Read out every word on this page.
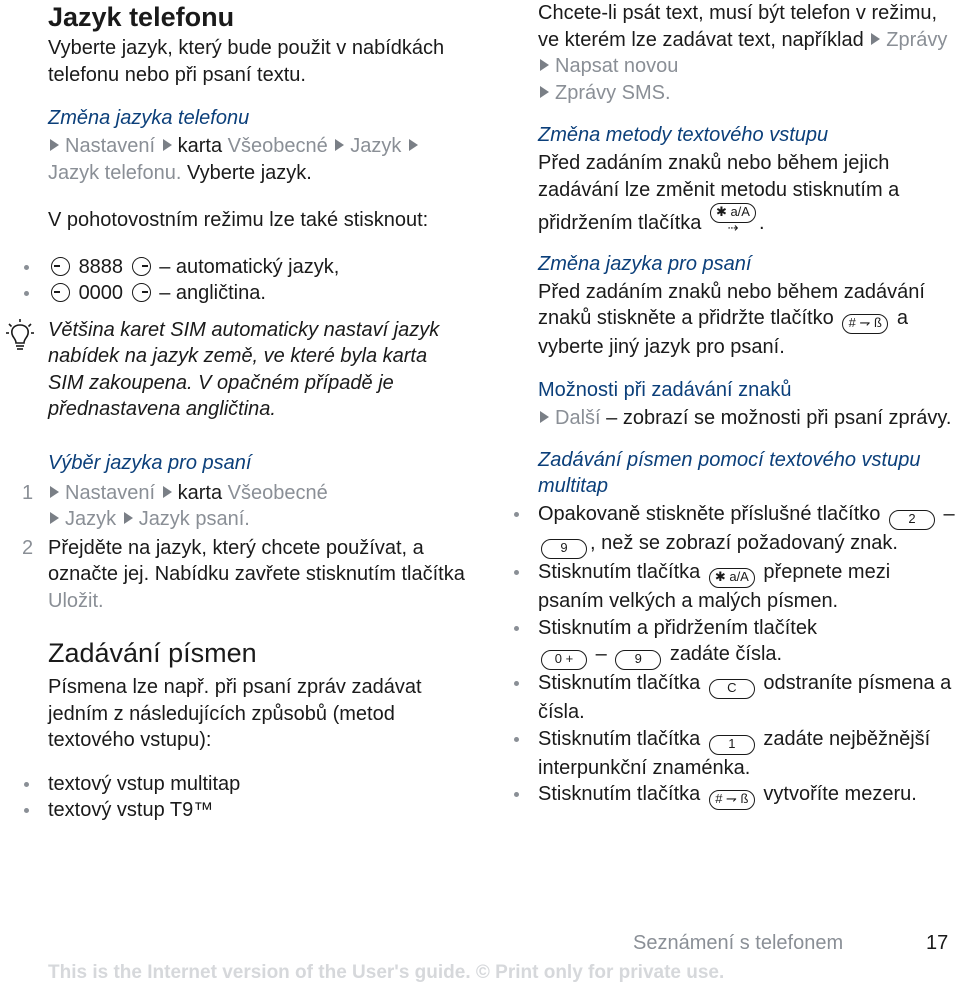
Jazyk telefonu

Vyberte jazyk, který bude použit v nabídkách telefonu nebo při psaní textu.

Změna jazyka telefonu

Nastavení karta Všeobecné Jazyk Jazyk telefonu. Vyberte jazyk.

V pohotovostním režimu lze také stisknout:

8888 – automatický jazyk,

0000 – angličtina.

Většina karet SIM automaticky nastaví jazyk nabídek na jazyk země, ve které byla karta SIM zakoupena. V opačném případě je přednastavena angličtina.

Výběr jazyka pro psaní

1 Nastavení karta Všeobecné
Jazyk Jazyk psaní.

2 Přejděte na jazyk, který chcete používat, a označte jej. Nabídku zavřete stisknutím tlačítka Uložit.

Zadávání písmen

Písmena lze např. při psaní zpráv zadávat jedním z následujících způsobů (metod textového vstupu):

textový vstup multitap

textový vstup T9™

Chcete-li psát text, musí být telefon v režimu, ve kterém lze zadávat text, například Zprávy Napsat novou
Zprávy SMS.

Změna metody textového vstupu

Před zadáním znaků nebo během jejich zadávání lze změnit metodu stisknutím a přidržením tlačítka ✱ a/A ⇢ .

Změna jazyka pro psaní

Před zadáním znaků nebo během zadávání znaků stiskněte a přidržte tlačítko # ⇁ ß a vyberte jiný jazyk pro psaní.

Možnosti při zadávání znaků

Další – zobrazí se možnosti při psaní zprávy.

Zadávání písmen pomocí textového vstupu multitap

Opakovaně stiskněte příslušné tlačítko 2 – 9 , než se zobrazí požadovaný znak.

Stisknutím tlačítka ✱ a/A přepnete mezi psaním velkých a malých písmen.

Stisknutím a přidržením tlačítek
0 + – 9 zadáte čísla.

Stisknutím tlačítka C odstraníte písmena a čísla.

Stisknutím tlačítka 1 zadáte nejběžnější interpunkční znaménka.

Stisknutím tlačítka # ⇁ ß vytvoříte mezeru.

Seznámení s telefonem	17
This is the Internet version of the User's guide. © Print only for private use.
